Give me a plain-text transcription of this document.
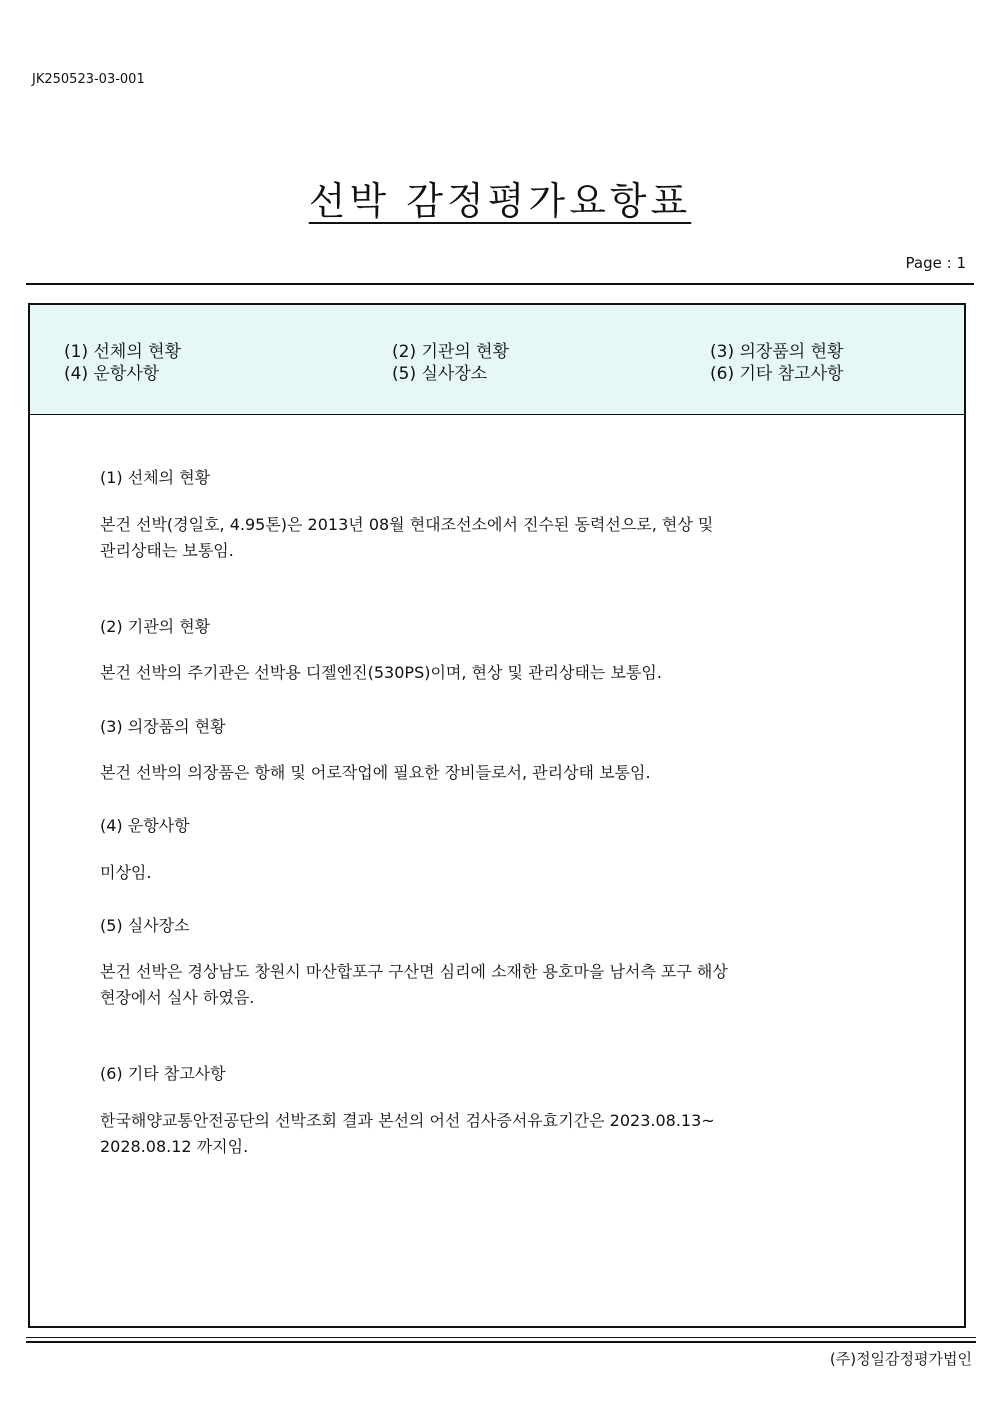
JK250523-03-001
선박 감정평가요항표
Page : 1
(1) 선체의 현황	(2) 기관의 현황	(3) 의장품의 현황
(4) 운항사항	(5) 실사장소	(6) 기타 참고사항
(1) 선체의 현황
본건 선박(경일호, 4.95톤)은 2013년 08월 현대조선소에서 진수된 동력선으로, 현상 및
관리상태는 보통임.
(2) 기관의 현황
본건 선박의 주기관은 선박용 디젤엔진(530PS)이며, 현상 및 관리상태는 보통임.
(3) 의장품의 현황
본건 선박의 의장품은 항해 및 어로작업에 필요한 장비들로서, 관리상태 보통임.
(4) 운항사항
미상임.
(5) 실사장소
본건 선박은 경상남도 창원시 마산합포구 구산면 심리에 소재한 용호마을 남서측 포구 해상
현장에서 실사 하였음.
(6) 기타 참고사항
한국해양교통안전공단의 선박조회 결과 본선의 어선 검사증서유효기간은 2023.08.13~
2028.08.12 까지임.
(주)정일감정평가법인
